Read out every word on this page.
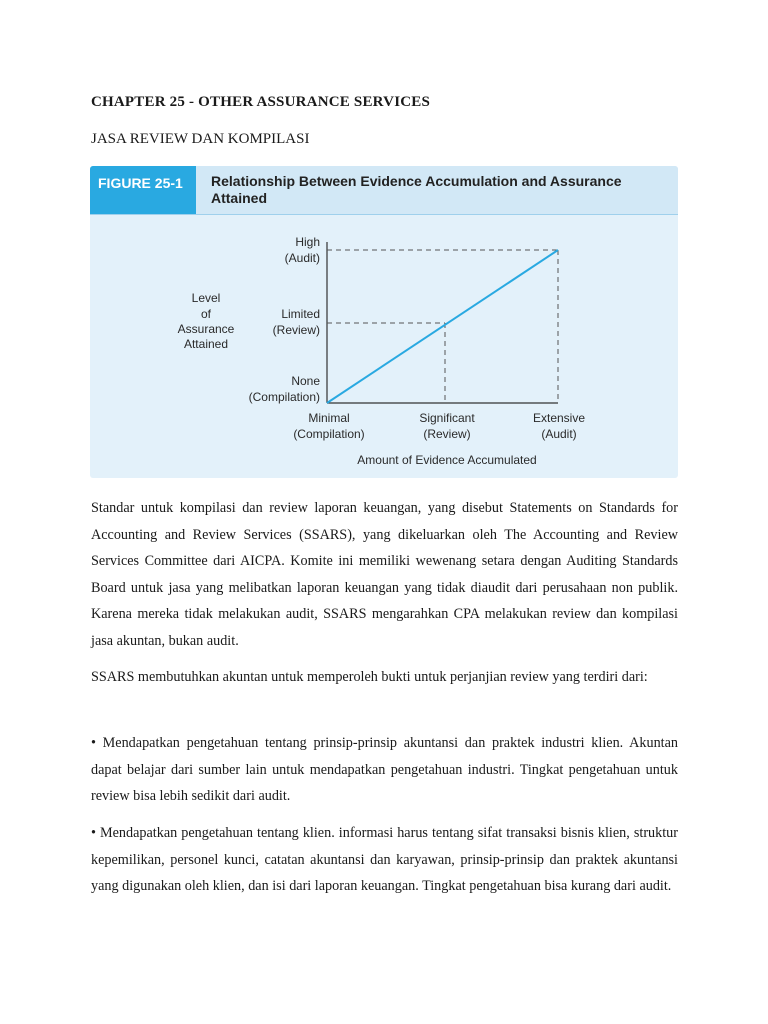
CHAPTER 25 - OTHER ASSURANCE SERVICES
JASA REVIEW DAN KOMPILASI
FIGURE 25-1	Relationship Between Evidence Accumulation and Assurance Attained
Level
of
Assurance
Attained
High
(Audit)
Limited
(Review)
None
(Compilation)
Minimal
(Compilation)
Significant
(Review)
Extensive
(Audit)
Amount of Evidence Accumulated

Standar untuk kompilasi dan review laporan keuangan, yang disebut Statements on Standards for Accounting and Review Services (SSARS), yang dikeluarkan oleh The Accounting and Review Services Committee dari AICPA. Komite ini memiliki wewenang setara dengan Auditing Standards Board untuk jasa yang melibatkan laporan keuangan yang tidak diaudit dari perusahaan non publik. Karena mereka tidak melakukan audit, SSARS mengarahkan CPA melakukan review dan kompilasi jasa akuntan, bukan audit.

SSARS membutuhkan akuntan untuk memperoleh bukti untuk perjanjian review yang terdiri dari:

• Mendapatkan pengetahuan tentang prinsip-prinsip akuntansi dan praktek industri klien. Akuntan dapat belajar dari sumber lain untuk mendapatkan pengetahuan industri. Tingkat pengetahuan untuk review bisa lebih sedikit dari audit.

• Mendapatkan pengetahuan tentang klien. informasi harus tentang sifat transaksi bisnis klien, struktur kepemilikan, personel kunci, catatan akuntansi dan karyawan, prinsip-prinsip dan praktek akuntansi yang digunakan oleh klien, dan isi dari laporan keuangan. Tingkat pengetahuan bisa kurang dari audit.
